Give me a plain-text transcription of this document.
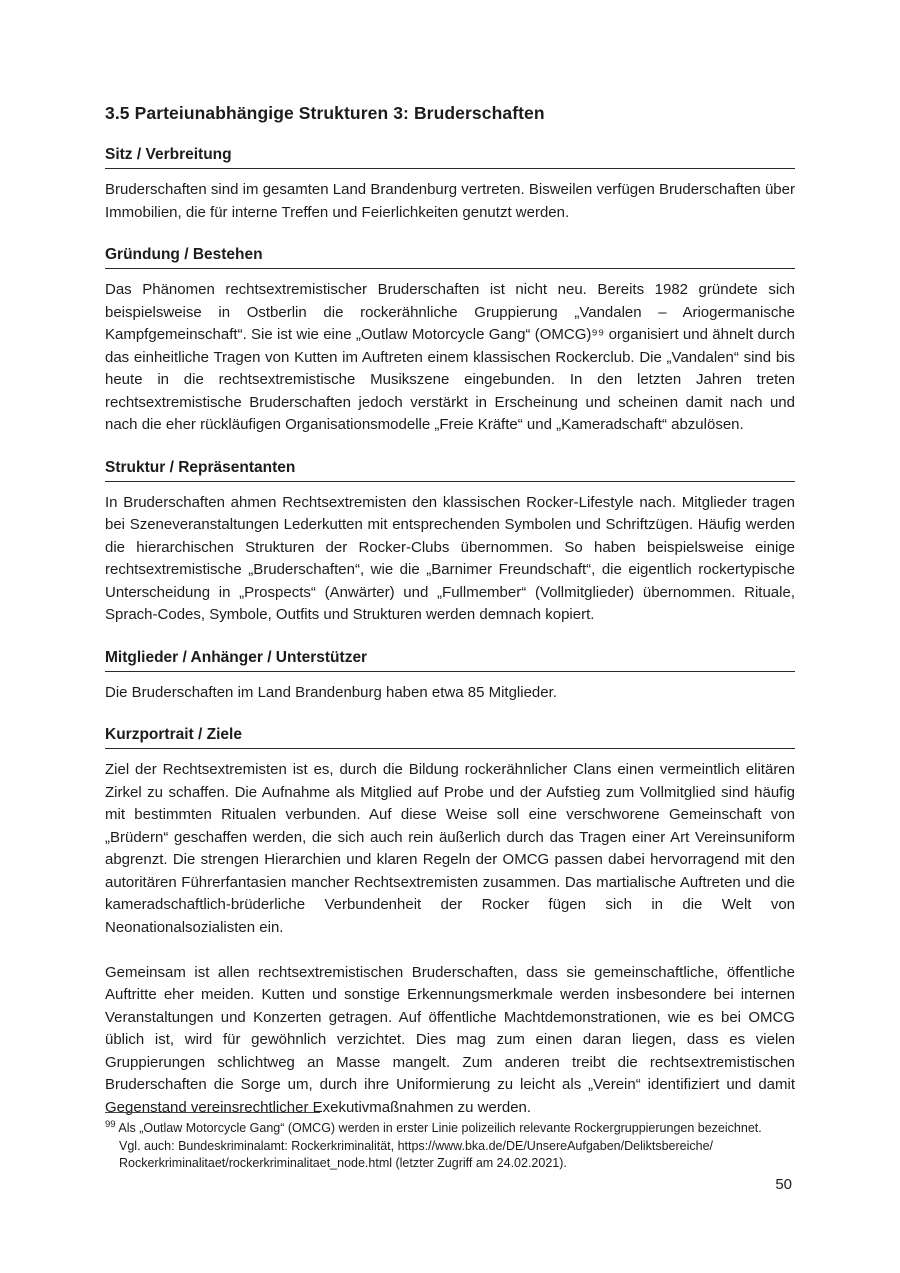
3.5 Parteiunabhängige Strukturen 3: Bruderschaften
Sitz / Verbreitung

Bruderschaften sind im gesamten Land Brandenburg vertreten. Bisweilen verfügen Bruderschaften über Immobilien, die für interne Treffen und Feierlichkeiten genutzt werden.

Gründung / Bestehen

Das Phänomen rechtsextremistischer Bruderschaften ist nicht neu. Bereits 1982 gründete sich beispielsweise in Ostberlin die rockerähnliche Gruppierung „Vandalen – Ariogermanische Kampfgemeinschaft“. Sie ist wie eine „Outlaw Motorcycle Gang“ (OMCG)⁹⁹ organisiert und ähnelt durch das einheitliche Tragen von Kutten im Auftreten einem klassischen Rockerclub. Die „Vandalen“ sind bis heute in die rechtsextremistische Musikszene eingebunden. In den letzten Jahren treten rechtsextremistische Bruderschaften jedoch verstärkt in Erscheinung und scheinen damit nach und nach die eher rückläufigen Organisationsmodelle „Freie Kräfte“ und „Kameradschaft“ abzulösen.

Struktur / Repräsentanten

In Bruderschaften ahmen Rechtsextremisten den klassischen Rocker-Lifestyle nach. Mitglieder tragen bei Szeneveranstaltungen Lederkutten mit entsprechenden Symbolen und Schriftzügen. Häufig werden die hierarchischen Strukturen der Rocker-Clubs übernommen. So haben beispielsweise einige rechtsextremistische „Bruderschaften“, wie die „Barnimer Freundschaft“, die eigentlich rockertypische Unterscheidung in „Prospects“ (Anwärter) und „Fullmember“ (Vollmitglieder) übernommen. Rituale, Sprach-Codes, Symbole, Outfits und Strukturen werden demnach kopiert.

Mitglieder / Anhänger / Unterstützer

Die Bruderschaften im Land Brandenburg haben etwa 85 Mitglieder.

Kurzportrait / Ziele

Ziel der Rechtsextremisten ist es, durch die Bildung rockerähnlicher Clans einen vermeintlich elitären Zirkel zu schaffen. Die Aufnahme als Mitglied auf Probe und der Aufstieg zum Vollmitglied sind häufig mit bestimmten Ritualen verbunden. Auf diese Weise soll eine verschworene Gemeinschaft von „Brüdern“ geschaffen werden, die sich auch rein äußerlich durch das Tragen einer Art Vereinsuniform abgrenzt. Die strengen Hierarchien und klaren Regeln der OMCG passen dabei hervorragend mit den autoritären Führerfantasien mancher Rechtsextremisten zusammen. Das martialische Auftreten und die kameradschaftlich-brüderliche Verbundenheit der Rocker fügen sich in die Welt von Neonationalsozialisten ein.

Gemeinsam ist allen rechtsextremistischen Bruderschaften, dass sie gemeinschaftliche, öffentliche Auftritte eher meiden. Kutten und sonstige Erkennungsmerkmale werden insbesondere bei internen Veranstaltungen und Konzerten getragen. Auf öffentliche Machtdemonstrationen, wie es bei OMCG üblich ist, wird für gewöhnlich verzichtet. Dies mag zum einen daran liegen, dass es vielen Gruppierungen schlichtweg an Masse mangelt. Zum anderen treibt die rechtsextremistischen Bruderschaften die Sorge um, durch ihre Uniformierung zu leicht als „Verein“ identifiziert und damit Gegenstand vereinsrechtlicher Exekutivmaßnahmen zu werden.

$^{99}$ Als „Outlaw Motorcycle Gang“ (OMCG) werden in erster Linie polizeilich relevante Rockergruppierungen bezeichnet.
Vgl. auch: Bundeskriminalamt: Rockerkriminalität, https://www.bka.de/DE/UnsereAufgaben/Deliktsbereiche/
Rockerkriminalitaet/rockerkriminalitaet_node.html (letzter Zugriff am 24.02.2021).
50
